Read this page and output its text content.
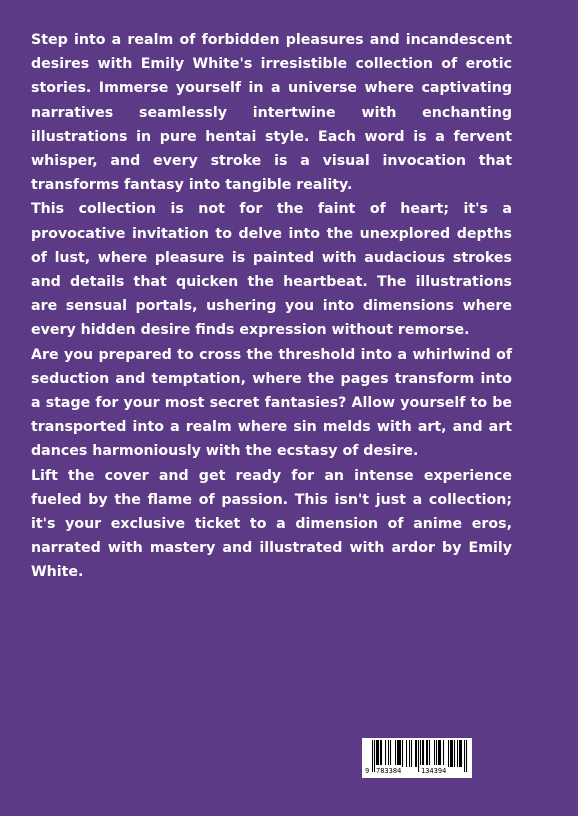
Step into a realm of forbidden pleasures and incandescent desires with Emily White's irresistible collection of erotic stories. Immerse yourself in a universe where captivating narratives seamlessly intertwine with enchanting illustrations in pure hentai style. Each word is a fervent whisper, and every stroke is a visual invocation that transforms fantasy into tangible reality.

This collection is not for the faint of heart; it's a provocative invitation to delve into the unexplored depths of lust, where pleasure is painted with audacious strokes and details that quicken the heartbeat. The illustrations are sensual portals, ushering you into dimensions where every hidden desire finds expression without remorse.

Are you prepared to cross the threshold into a whirlwind of seduction and temptation, where the pages transform into a stage for your most secret fantasies? Allow yourself to be transported into a realm where sin melds with art, and art dances harmoniously with the ecstasy of desire.

Lift the cover and get ready for an intense experience fueled by the flame of passion. This isn't just a collection; it's your exclusive ticket to a dimension of anime eros, narrated with mastery and illustrated with ardor by Emily White.

9

783384

	134394
